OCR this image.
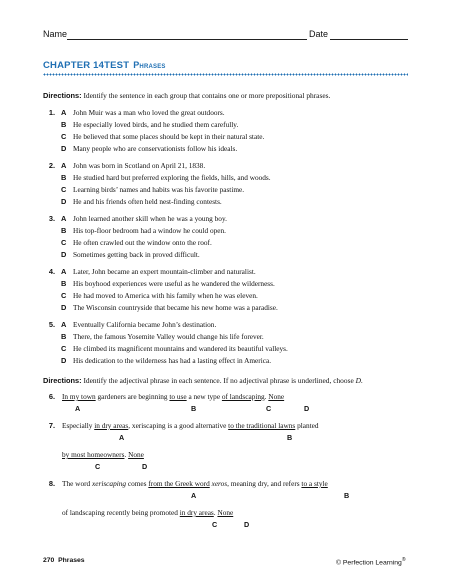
Name	Date
CHAPTER 14TEST Phrases
Directions: Identify the sentence in each group that contains one or more prepositional phrases.
1. A John Muir was a man who loved the great outdoors.
B He especially loved birds, and he studied them carefully.
C He believed that some places should be kept in their natural state.
D Many people who are conservationists follow his ideals.
2. A John was born in Scotland on April 21, 1838.
B He studied hard but preferred exploring the fields, hills, and woods.
C Learning birds’ names and habits was his favorite pastime.
D He and his friends often held nest-finding contests.
3. A John learned another skill when he was a young boy.
B His top-floor bedroom had a window he could open.
C He often crawled out the window onto the roof.
D Sometimes getting back in proved difficult.
4. A Later, John became an expert mountain-climber and naturalist.
B His boyhood experiences were useful as he wandered the wilderness.
C He had moved to America with his family when he was eleven.
D The Wisconsin countryside that became his new home was a paradise.
5. A Eventually California became John’s destination.
B There, the famous Yosemite Valley would change his life forever.
C He climbed its magnificent mountains and wandered its beautiful valleys.
D His dedication to the wilderness has had a lasting effect in America.
Directions: Identify the adjectival phrase in each sentence. If no adjectival phrase is underlined, choose D.
6. In my town gardeners are beginning to use a new type of landscaping. None
A	B	C	D
7. Especially in dry areas, xeriscaping is a good alternative to the traditional lawns planted
A	B
by most homeowners. None
C	D
8. The word xeriscaping comes from the Greek word xeros, meaning dry, and refers to a style
A	B
of landscaping recently being promoted in dry areas. None
C	D
270 Phrases	© Perfection Learning®
